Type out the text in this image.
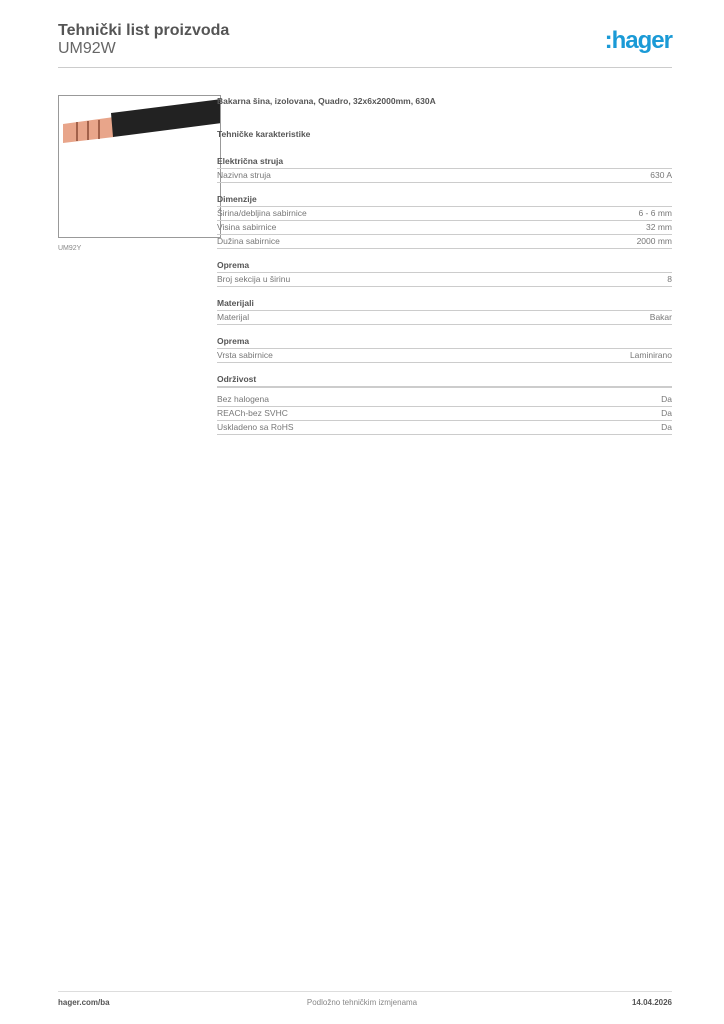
Tehnički list proizvoda
UM92W	:hager
UM92Y
Bakarna šina, izolovana, Quadro, 32x6x2000mm, 630A
Tehničke karakteristike
Električna struja
Nazivna struja	630 A
Dimenzije
Širina/debljina sabirnice	6 - 6 mm
Visina sabirnice	32 mm
Dužina sabirnice	2000 mm
Oprema
Broj sekcija u širinu	8
Materijali
Materijal	Bakar
Oprema
Vrsta sabirnice	Laminirano
Održivost
Bez halogena	Da
REACh-bez SVHC	Da
Uskladeno sa RoHS	Da
hager.com/ba	Podložno tehničkim izmjenama	14.04.2026
